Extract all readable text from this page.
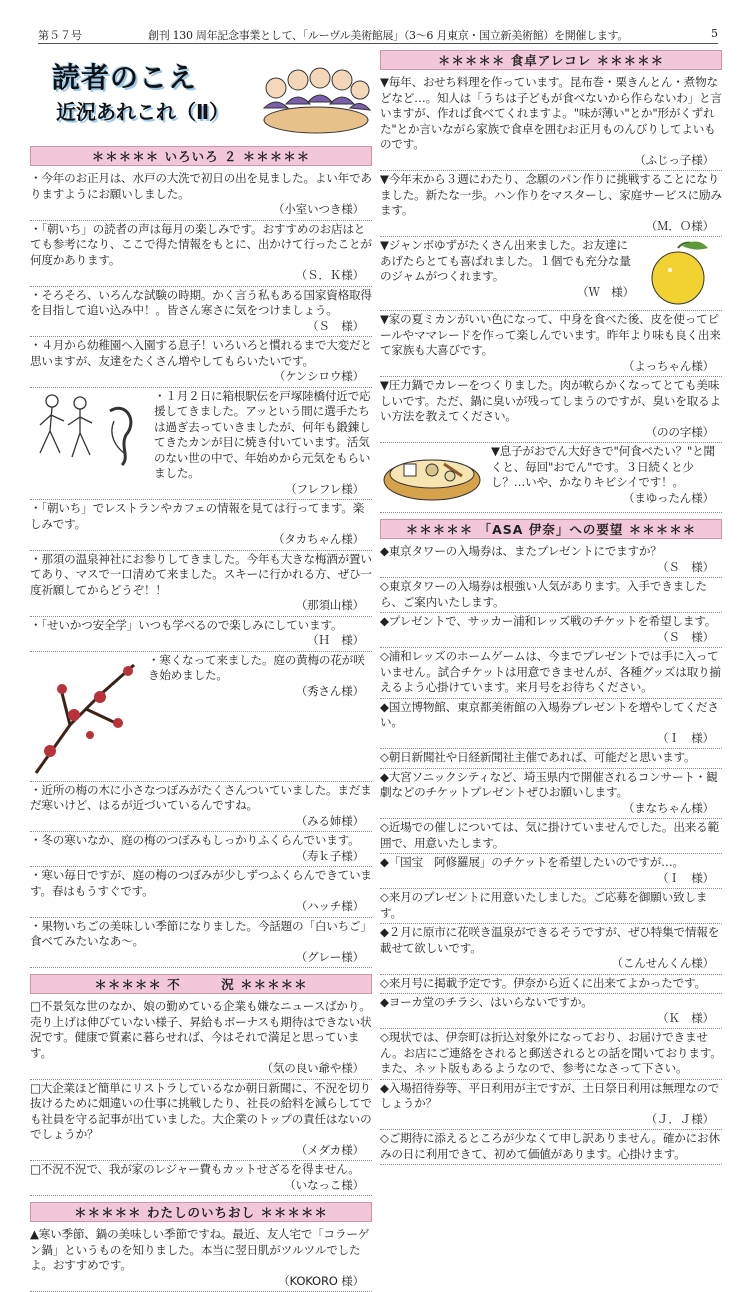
第５７号	創刊 130 周年記念事業として、「ルーヴル美術館展」（3～6 月東京・国立新美術館）を開催します。	5
読者のこえ
近況あれこれ（Ⅱ）
＊＊＊＊＊ いろいろ ２ ＊＊＊＊＊
・今年のお正月は、水戸の大洗で初日の出を見ました。よい年でありますようにお願いしました。
（小室いつき様）
・「朝いち」の読者の声は毎月の楽しみです。おすすめのお店はとても参考になり、ここで得た情報をもとに、出かけて行ったことが何度かあります。
（Ｓ．Ｋ様）
・そろそろ、いろんな試験の時期。かく言う私もある国家資格取得を目指して追い込み中！。皆さん寒さに気をつけましょう。
（Ｓ　様）
・４月から幼稚園へ入園する息子！いろいろと慣れるまで大変だと思いますが、友達をたくさん増やしてもらいたいです。
（ケンシロウ様）
・１月２日に箱根駅伝を戸塚陸橋付近で応援してきました。アッという間に選手たちは過ぎ去っていきましたが、何年も鍛錬してきたカンが目に焼き付いています。活気のない世の中で、年始めから元気をもらいました。
（フレフレ様）
・「朝いち」でレストランやカフェの情報を見ては行ってます。楽しみです。
（タカちゃん様）
・那須の温泉神社にお参りしてきました。今年も大きな梅酒が置いてあり、マスで一口清めて来ました。スキーに行かれる方、ぜひ一度祈願してからどうぞ！！
（那須山様）
・「せいかつ安全学」いつも学べるので楽しみにしています。
（Ｈ　様）
・寒くなって来ました。庭の黄梅の花が咲き始めました。
（秀さん様）
・近所の梅の木に小さなつぼみがたくさんついていました。まだまだ寒いけど、はるが近づいているんですね。
（みる姉様）
・冬の寒いなか、庭の梅のつぼみもしっかりふくらんでいます。
（寿ｋ子様）
・寒い毎日ですが、庭の梅のつぼみが少しずつふくらんできています。春はもうすぐです。
（ハッチ様）
・果物いちごの美味しい季節になりました。今話題の「白いちご」食べてみたいなあ～。
（グレー様）
＊＊＊＊＊ 不　　　況 ＊＊＊＊＊
□不景気な世のなか、娘の勤めている企業も嫌なニュースばかり。売り上げは伸びていない様子、昇給もボーナスも期待はできない状況です。健康で質素に暮らせれば、今はそれで満足と思っています。
（気の良い爺や様）
□大企業ほど簡単にリストラしているなか朝日新聞に、不況を切り抜けるために畑違いの仕事に挑戦したり、社長の給料を減らしてでも社員を守る記事が出ていました。大企業のトップの責任はないのでしょうか？
（メダカ様）
□不況不況で、我が家のレジャー費もカットせざるを得ません。
（いなっこ様）
＊＊＊＊＊ わたしのいちおし ＊＊＊＊＊
▲寒い季節、鍋の美味しい季節ですね。最近、友人宅で「コラーゲン鍋」というものを知りました。本当に翌日肌がツルツルでしたよ。おすすめです。
（KOKORO 様）
＊＊＊＊＊ 食卓アレコレ ＊＊＊＊＊
▼毎年、おせち料理を作っています。昆布巻・栗きんとん・煮物などなど…。知人は「うちは子どもが食べないから作らないわ」と言いますが、作れば食べてくれますよ。"味が薄い"とか"形がくずれた"とか言いながら家族で食卓を囲むお正月ものんびりしてよいものです。
（ふじっ子様）
▼今年末から３週にわたり、念願のパン作りに挑戦することになりました。新たな一歩。ハン作りをマスターし、家庭サービスに励みます。
（Ｍ．Ｏ様）
▼ジャンボゆずがたくさん出来ました。お友達にあげたらとても喜ばれました。１個でも充分な量のジャムがつくれます。
（Ｗ　様）
▼家の夏ミカンがいい色になって、中身を食べた後、皮を使ってピールやママレードを作って楽しんでいます。昨年より味も良く出来て家族も大喜びです。
（よっちゃん様）
▼圧力鍋でカレーをつくりました。肉が軟らかくなってとても美味しいです。ただ、鍋に臭いが残ってしまうのですが、臭いを取るよい方法を教えてください。
（のの字様）
▼息子がおでん大好きで"何食べたい？"と聞くと、毎回"おでん"です。３日続くと少し？…いや、かなりキビシイです！。
（まゆったん様）
＊＊＊＊＊ 「ASA 伊奈」への要望 ＊＊＊＊＊
◆東京タワーの入場券は、またプレゼントにでますか？
（Ｓ　様）
◇東京タワーの入場券は根強い人気があります。入手できましたら、ご案内いたします。
◆プレゼントで、サッカー浦和レッズ戦のチケットを希望します。
（Ｓ　様）
◇浦和レッズのホームゲームは、今までプレゼントでは手に入っていません。試合チケットは用意できませんが、各種グッズは取り揃えるよう心掛けています。来月号をお待ちください。
◆国立博物館、東京都美術館の入場券プレゼントを増やしてください。
（Ｉ　様）
◇朝日新聞社や日経新聞社主催であれば、可能だと思います。
◆大宮ソニックシティなど、埼玉県内で開催されるコンサート・観劇などのチケットプレゼントぜひお願いします。
（まなちゃん様）
◇近場での催しについては、気に掛けていませんでした。出来る範囲で、用意いたします。
◆「国宝　阿修羅展」のチケットを希望したいのですが…。
（Ｉ　様）
◇来月のプレゼントに用意いたしました。ご応募を御願い致します。
◆２月に原市に花咲き温泉ができるそうですが、ぜひ特集で情報を載せて欲しいです。
（こんせんくん様）
◇来月号に掲載予定です。伊奈から近くに出来てよかったです。
◆ヨーカ堂のチラシ、はいらないですか。
（Ｋ　様）
◇現状では、伊奈町は折込対象外になっており、お届けできません。お店にご連絡をされると郵送されるとの話を聞いております。また、ネット版もあるようなので、参考になさって下さい。
◆入場招待券等、平日利用が主ですが、土日祭日利用は無理なのでしょうか？
（Ｊ．Ｊ様）
◇ご期待に添えるところが少なくて申し訳ありません。確かにお休みの日に利用できて、初めて価値があります。心掛けます。
